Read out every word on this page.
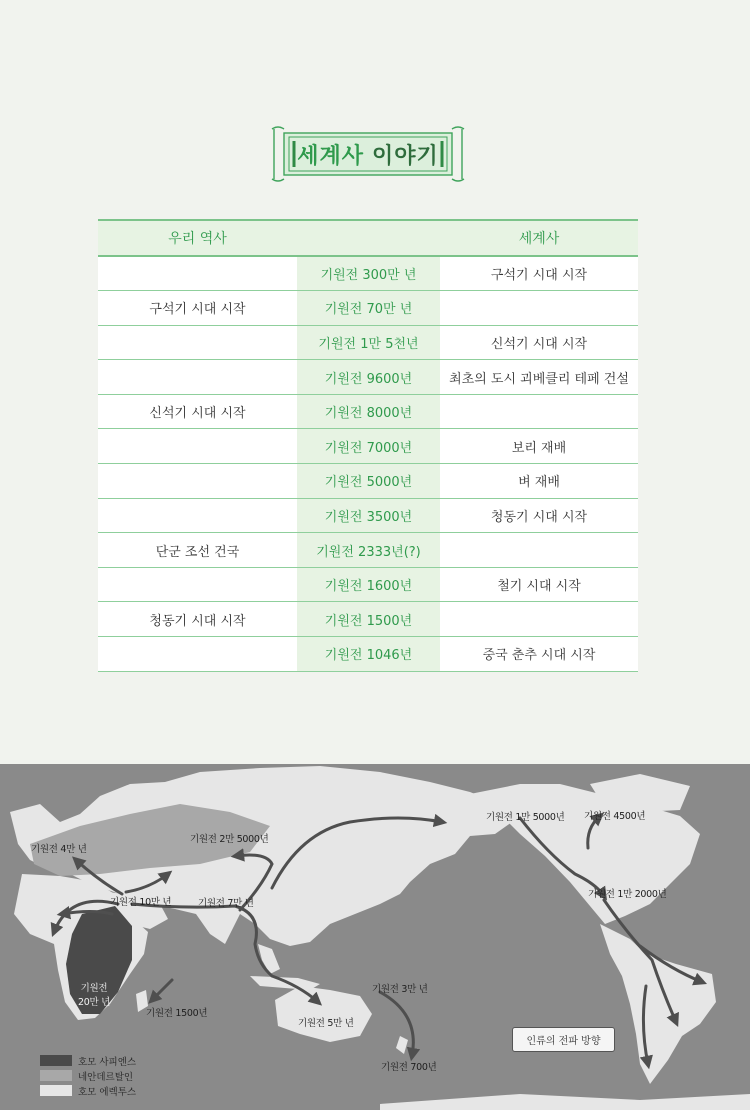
세계사 이야기
우리 역사		세계사
	기원전 300만 년	구석기 시대 시작
구석기 시대 시작	기원전 70만 년	
	기원전 1만 5천년	신석기 시대 시작
	기원전 9600년	최초의 도시 괴베클리 테페 건설
신석기 시대 시작	기원전 8000년	
	기원전 7000년	보리 재배
	기원전 5000년	벼 재배
	기원전 3500년	청동기 시대 시작
단군 조선 건국	기원전 2333년(?)	
	기원전 1600년	철기 시대 시작
청동기 시대 시작	기원전 1500년	
	기원전 1046년	중국 춘추 시대 시작
기원전 4만 년
기원전 2만 5000년
기원전 10만 년	기원전 7만 년
기원전 20만 년
기원전 1500년
기원전 5만 년
기원전 3만 년
기원전 700년
기원전 1만 5000년 기원전 4500년
기원전 1만 2000년
인류의 전파 방향
호모 사피엔스
네안데르탈인
호모 에렉투스
